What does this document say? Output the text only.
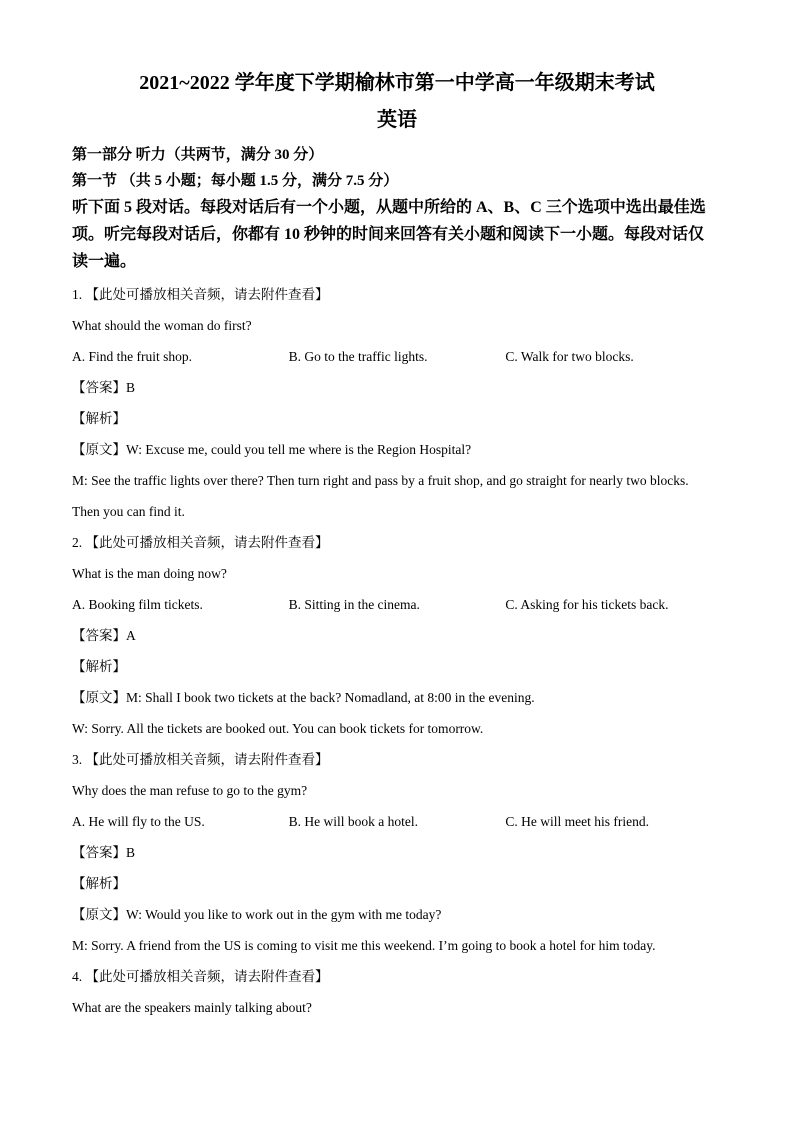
2021~2022 学年度下学期榆林市第一中学高一年级期末考试
英语
第一部分 听力（共两节，满分 30 分）
第一节 （共 5 小题；每小题 1.5 分，满分 7.5 分）
听下面 5 段对话。每段对话后有一个小题，从题中所给的 A、B、C 三个选项中选出最佳选
项。听完每段对话后，你都有 10 秒钟的时间来回答有关小题和阅读下一小题。每段对话仅
读一遍。
1. 【此处可播放相关音频，请去附件查看】
What should the woman do first?
A. Find the fruit shop.	B. Go to the traffic lights.	C. Walk for two blocks.
【答案】B
【解析】
【原文】W: Excuse me, could you tell me where is the Region Hospital?
M: See the traffic lights over there? Then turn right and pass by a fruit shop, and go straight for nearly two blocks.
Then you can find it.
2. 【此处可播放相关音频，请去附件查看】
What is the man doing now?
A. Booking film tickets.	B. Sitting in the cinema.	C. Asking for his tickets back.
【答案】A
【解析】
【原文】M: Shall I book two tickets at the back? Nomadland, at 8:00 in the evening.
W: Sorry. All the tickets are booked out. You can book tickets for tomorrow.
3. 【此处可播放相关音频，请去附件查看】
Why does the man refuse to go to the gym?
A. He will fly to the US.	B. He will book a hotel.	C. He will meet his friend.
【答案】B
【解析】
【原文】W: Would you like to work out in the gym with me today?
M: Sorry. A friend from the US is coming to visit me this weekend. I’m going to book a hotel for him today.
4. 【此处可播放相关音频，请去附件查看】
What are the speakers mainly talking about?
